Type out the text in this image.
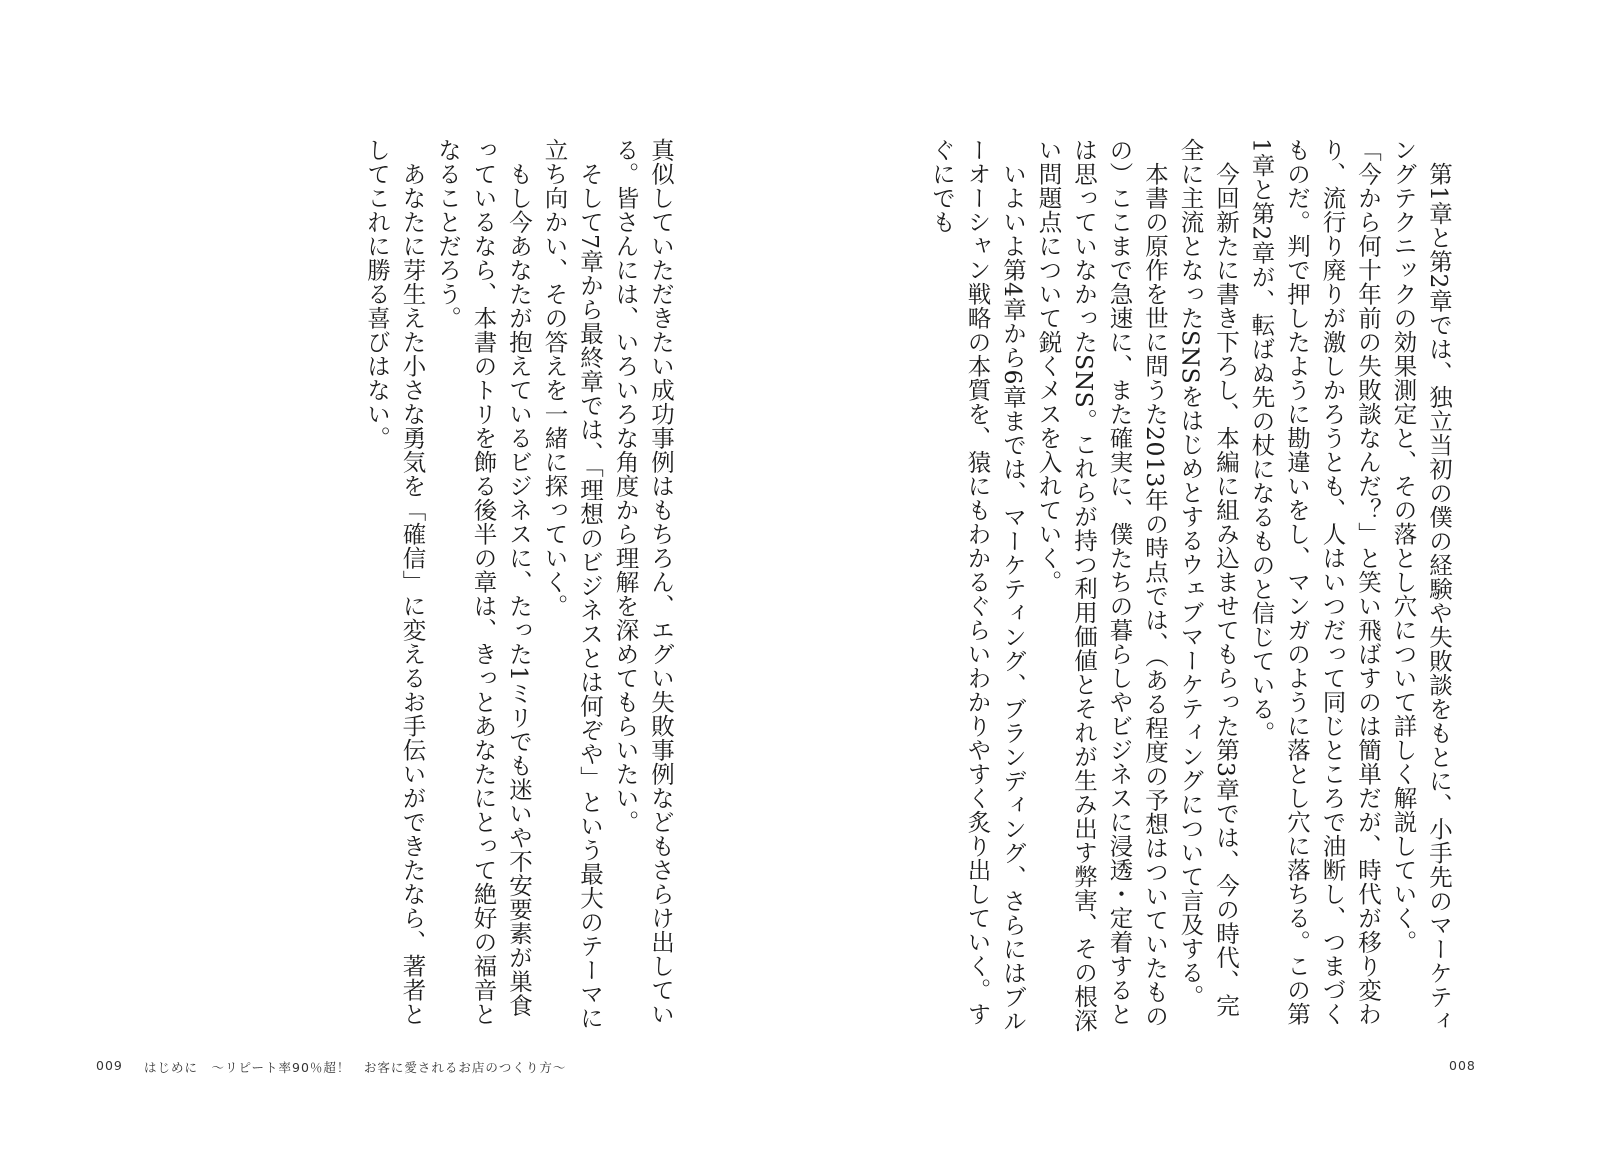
第1章と第2章では、独立当初の僕の経験や失敗談をもとに、小手先のマーケティングテクニックの効果測定と、その落とし穴について詳しく解説していく。

「今から何十年前の失敗談なんだ？」と笑い飛ばすのは簡単だが、時代が移り変わり、流行り廃りが激しかろうとも、人はいつだって同じところで油断し、つまづくものだ。判で押したように勘違いをし、マンガのように落とし穴に落ちる。この第1章と第2章が、転ばぬ先の杖になるものと信じている。

今回新たに書き下ろし、本編に組み込ませてもらった第3章では、今の時代、完全に主流となったSNSをはじめとするウェブマーケティングについて言及する。

本書の原作を世に問うた2013年の時点では、（ある程度の予想はついていたものの）ここまで急速に、また確実に、僕たちの暮らしやビジネスに浸透・定着するとは思っていなかったSNS。これらが持つ利用価値とそれが生み出す弊害、その根深い問題点について鋭くメスを入れていく。

いよいよ第4章から6章までは、マーケティング、ブランディング、さらにはブルーオーシャン戦略の本質を、猿にもわかるぐらいわかりやすく炙り出していく。すぐにでも

真似していただきたい成功事例はもちろん、エグい失敗事例などもさらけ出している。皆さんには、いろいろな角度から理解を深めてもらいたい。

そして7章から最終章では、「理想のビジネスとは何ぞや」という最大のテーマに立ち向かい、その答えを一緒に探っていく。

もし今あなたが抱えているビジネスに、たった1ミリでも迷いや不安要素が巣食っているなら、本書のトリを飾る後半の章は、きっとあなたにとって絶好の福音となることだろう。

あなたに芽生えた小さな勇気を「確信」に変えるお手伝いができたなら、著者としてこれに勝る喜びはない。

009 はじめに　〜リピート率90％超！　お客に愛されるお店のつくり方〜	008
